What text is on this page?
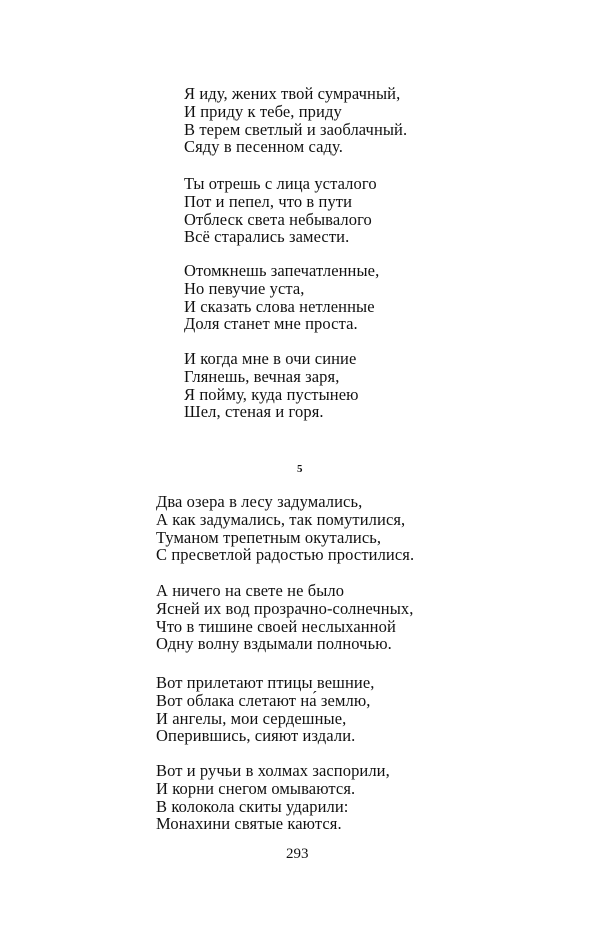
Я иду, жених твой сумрачный,
И приду к тебе, приду
В терем светлый и заоблачный.
Сяду в песенном саду.

Ты отрешь с лица усталого
Пот и пепел, что в пути
Отблеск света небывалого
Всё старались замести.

Отомкнешь запечатленные,
Но певучие уста,
И сказать слова нетленные
Доля станет мне проста.

И когда мне в очи синие
Глянешь, вечная заря,
Я пойму, куда пустынею
Шел, стеная и горя.

5

Два озера в лесу задумались,
А как задумались, так помутилися,
Туманом трепетным окутались,
С пресветлой радостью простилися.

А ничего на свете не было
Ясней их вод прозрачно-солнечных,
Что в тишине своей неслыханной
Одну волну вздымали полночью.

Вот прилетают птицы вешние,
Вот облака слетают на́ землю,
И ангелы, мои сердешные,
Оперившись, сияют издали.

Вот и ручьи в холмах заспорили,
И корни снегом омываются.
В колокола скиты ударили:
Монахини святые каются.

293
